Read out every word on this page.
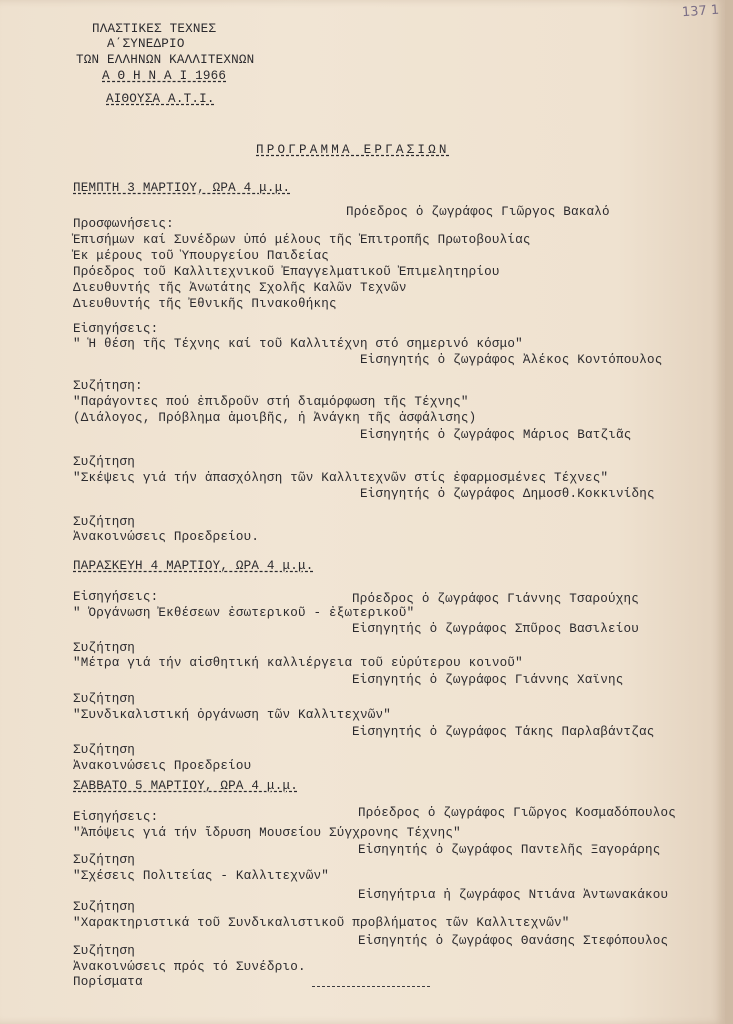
137 1
ΠΛΑΣΤΙΚΕΣ ΤΕΧΝΕΣ
Α΄ΣΥΝΕΔΡΙΟ
ΤΩΝ ΕΛΛΗΝΩΝ ΚΑΛΛΙΤΕΧΝΩΝ
Α Θ Η Ν Α Ι 1966
ΑΙΘΟΥΣΑ Α.Τ.Ι.
ΠΡΟΓΡΑΜΜΑ ΕΡΓΑΣΙΩΝ
ΠΕΜΠΤΗ 3 ΜΑΡΤΙΟΥ, ΩΡΑ 4 μ.μ.
Πρόεδρος ὁ ζωγράφος Γιῶργος Βακαλό
Προσφωνήσεις:
Ἐπισήμων καί Συνέδρων ὑπό μέλους τῆς Ἐπιτροπῆς Πρωτοβουλίας
Ἐκ μέρους τοῦ Ὑπουργείου Παιδείας
Πρόεδρος τοῦ Καλλιτεχνικοῦ Ἐπαγγελματικοῦ Ἐπιμελητηρίου
Διευθυντής τῆς Ἀνωτάτης Σχολῆς Καλῶν Τεχνῶν
Διευθυντής τῆς Ἐθνικῆς Πινακοθήκης
Εἰσηγήσεις:
" Ἡ θέση τῆς Τέχνης καί τοῦ Καλλιτέχνη στό σημερινό κόσμο"
Εἰσηγητής ὁ ζωγράφος Ἀλέκος Κοντόπουλος
Συζήτηση:
"Παράγοντες πού ἐπιδροῦν στή διαμόρφωση τῆς Τέχνης"
(Διάλογος, Πρόβλημα ἀμοιβῆς, ἡ Ἀνάγκη τῆς ἀσφάλισης)
Εἰσηγητής ὁ ζωγράφος Μάριος Βατζιᾶς
Συζήτηση
"Σκέψεις γιά τήν ἀπασχόληση τῶν Καλλιτεχνῶν στίς ἐφαρμοσμένες Τέχνες"
Εἰσηγητής ὁ ζωγράφος Δημοσθ.Κοκκινίδης
Συζήτηση
Ἀνακοινώσεις Προεδρείου.
ΠΑΡΑΣΚΕΥΗ 4 ΜΑΡΤΙΟΥ, ΩΡΑ 4 μ.μ.
Εἰσηγήσεις:	Πρόεδρος ὁ ζωγράφος Γιάννης Τσαρούχης
" Ὀργάνωση Ἐκθέσεων ἐσωτερικοῦ - ἐξωτερικοῦ"
Εἰσηγητής ὁ ζωγράφος Σπῦρος Βασιλείου
Συζήτηση
"Μέτρα γιά τήν αἰσθητική καλλιέργεια τοῦ εὐρύτερου κοινοῦ"
Εἰσηγητής ὁ ζωγράφος Γιάννης Χαϊνης
Συζήτηση
"Συνδικαλιστική ὀργάνωση τῶν Καλλιτεχνῶν"
Εἰσηγητής ὁ ζωγράφος Τάκης Παρλαβάντζας
Συζήτηση
Ἀνακοινώσεις Προεδρείου
ΣΑΒΒΑΤΟ 5 ΜΑΡΤΙΟΥ, ΩΡΑ 4 μ.μ.
Εἰσηγήσεις:	Πρόεδρος ὁ ζωγράφος Γιῶργος Κοσμαδόπουλος
"Ἀπόψεις γιά τήν ἵδρυση Μουσείου Σύγχρονης Τέχνης"
Εἰσηγητής ὁ ζωγράφος Παντελῆς Ξαγοράρης
Συζήτηση
"Σχέσεις Πολιτείας - Καλλιτεχνῶν"
Εἰσηγήτρια ἡ ζωγράφος Ντιάνα Ἀντωνακάκου
Συζήτηση
"Χαρακτηριστικά τοῦ Συνδικαλιστικοῦ προβλήματος τῶν Καλλιτεχνῶν"
Εἰσηγητής ὁ ζωγράφος Θανάσης Στεφόπουλος
Συζήτηση
Ἀνακοινώσεις πρός τό Συνέδριο.
Πορίσματα
